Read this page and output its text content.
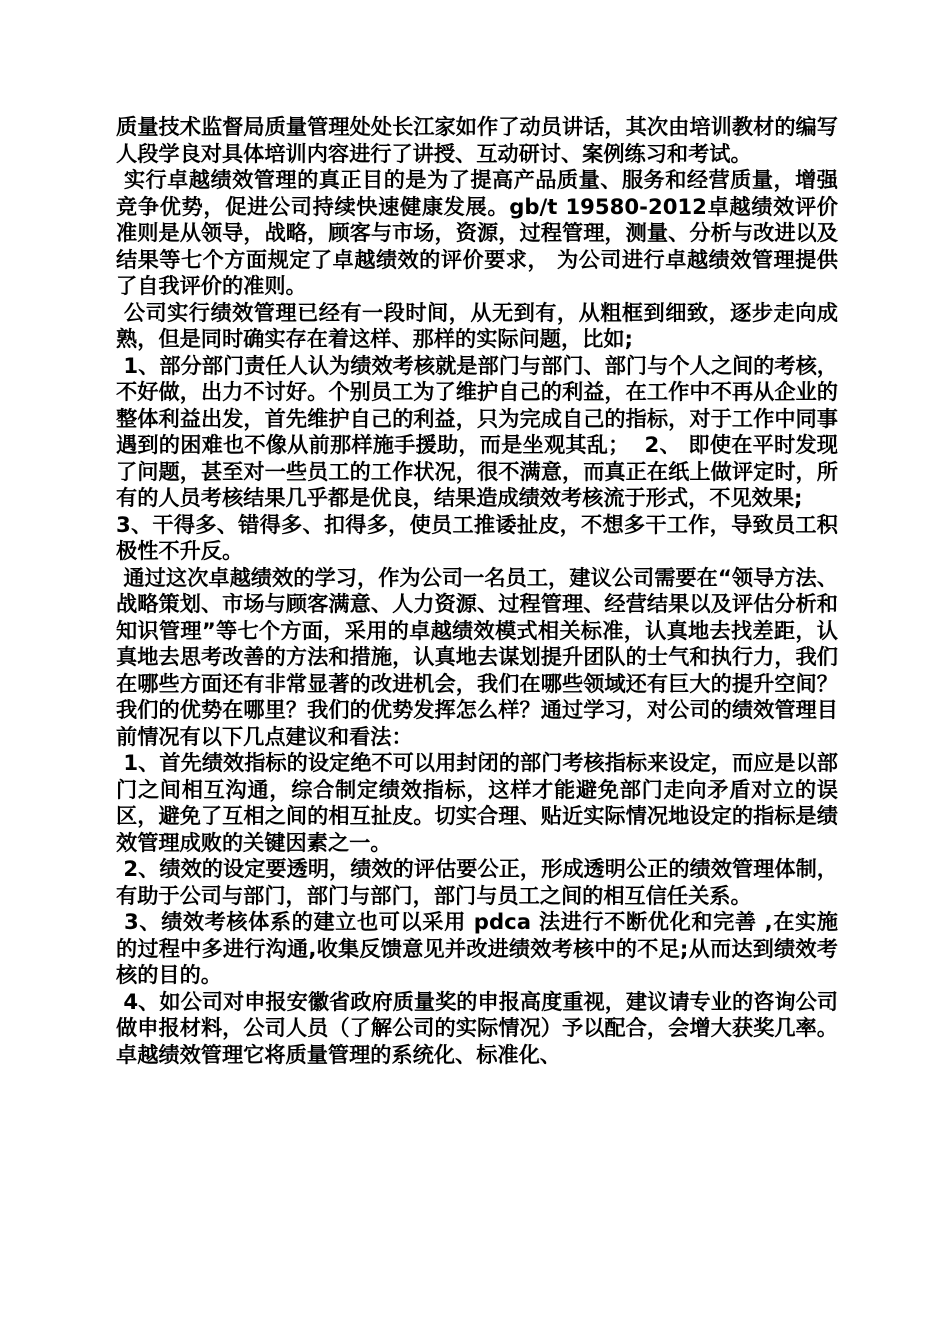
质量技术监督局质量管理处处长江家如作了动员讲话，其次由培训教材的编写人段学良对具体培训内容进行了讲授、互动研讨、案例练习和考试。

实行卓越绩效管理的真正目的是为了提高产品质量、服务和经营质量，增强竞争优势，促进公司持续快速健康发展。gb/t 19580-2012卓越绩效评价准则是从领导，战略，顾客与市场，资源，过程管理，测量、分析与改进以及结果等七个方面规定了卓越绩效的评价要求， 为公司进行卓越绩效管理提供了自我评价的准则。

公司实行绩效管理已经有一段时间，从无到有，从粗框到细致，逐步走向成熟，但是同时确实存在着这样、那样的实际问题，比如;

1、部分部门责任人认为绩效考核就是部门与部门、部门与个人之间的考核，不好做，出力不讨好。个别员工为了维护自己的利益，在工作中不再从企业的整体利益出发，首先维护自己的利益，只为完成自己的指标，对于工作中同事遇到的困难也不像从前那样施手援助，而是坐观其乱；  2、 即使在平时发现了问题，甚至对一些员工的工作状况，很不满意，而真正在纸上做评定时，所有的人员考核结果几乎都是优良，结果造成绩效考核流于形式，不见效果;

3、干得多、错得多、扣得多，使员工推诿扯皮，不想多干工作，导致员工积极性不升反。

通过这次卓越绩效的学习，作为公司一名员工，建议公司需要在“领导方法、战略策划、市场与顾客满意、人力资源、过程管理、经营结果以及评估分析和知识管理”等七个方面，采用的卓越绩效模式相关标准，认真地去找差距，认真地去思考改善的方法和措施，认真地去谋划提升团队的士气和执行力，我们在哪些方面还有非常显著的改进机会，我们在哪些领域还有巨大的提升空间？我们的优势在哪里？我们的优势发挥怎么样？通过学习，对公司的绩效管理目前情况有以下几点建议和看法：

1、首先绩效指标的设定绝不可以用封闭的部门考核指标来设定，而应是以部门之间相互沟通，综合制定绩效指标，这样才能避免部门走向矛盾对立的误区，避免了互相之间的相互扯皮。切实合理、贴近实际情况地设定的指标是绩效管理成败的关键因素之一。

2、绩效的设定要透明，绩效的评估要公正，形成透明公正的绩效管理体制，有助于公司与部门，部门与部门，部门与员工之间的相互信任关系。

3、绩效考核体系的建立也可以采用 pdca 法进行不断优化和完善 ,在实施的过程中多进行沟通,收集反馈意见并改进绩效考核中的不足;从而达到绩效考核的目的。

4、如公司对申报安徽省政府质量奖的申报高度重视，建议请专业的咨询公司做申报材料，公司人员（了解公司的实际情况）予以配合，会增大获奖几率。 卓越绩效管理它将质量管理的系统化、标准化、
